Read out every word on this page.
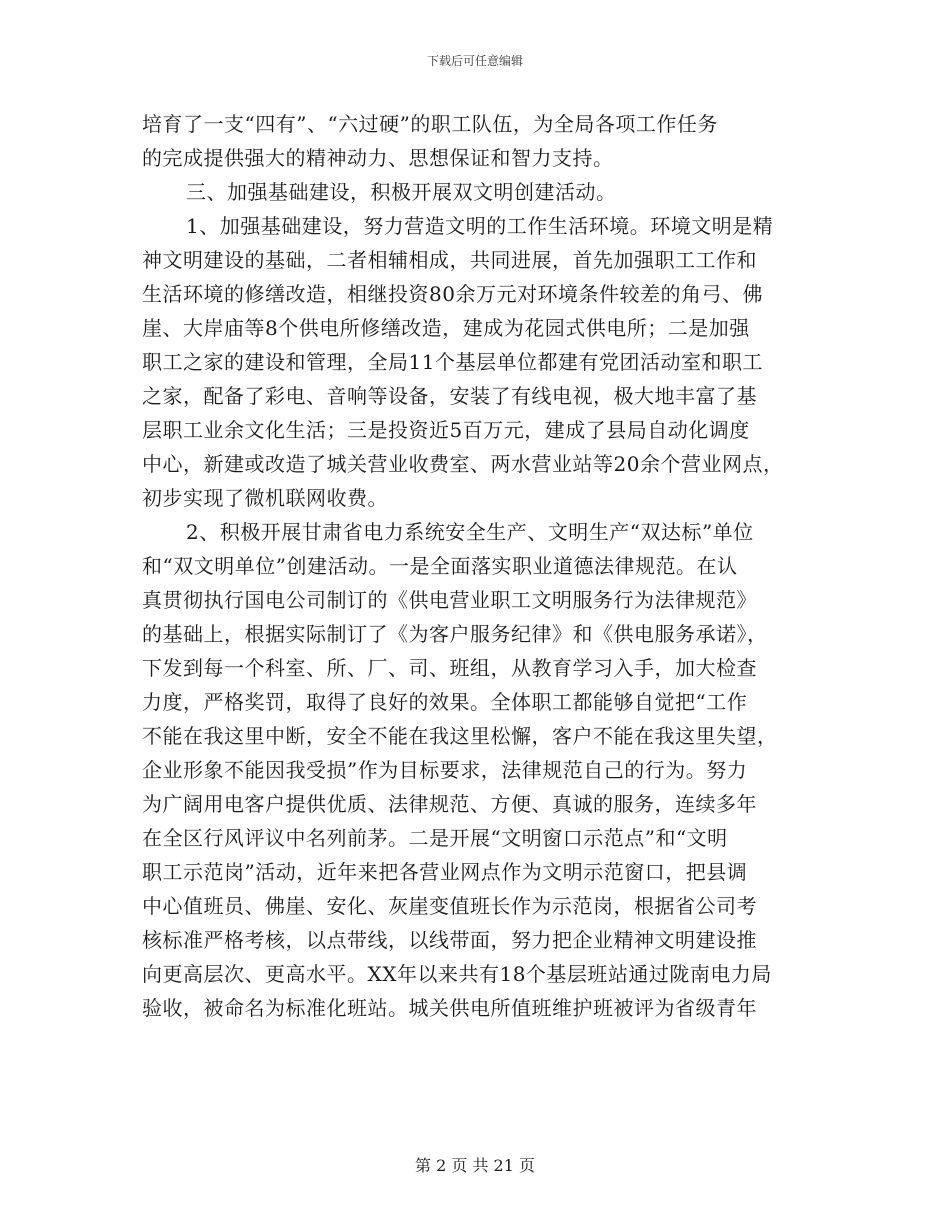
下载后可任意编辑
培育了一支“四有”、“六过硬”的职工队伍，为全局各项工作任务
的完成提供强大的精神动力、思想保证和智力支持。
三、加强基础建设，积极开展双文明创建活动。
1、加强基础建设，努力营造文明的工作生活环境。环境文明是精
神文明建设的基础，二者相辅相成，共同进展，首先加强职工工作和
生活环境的修缮改造，相继投资80余万元对环境条件较差的角弓、佛
崖、大岸庙等8个供电所修缮改造，建成为花园式供电所；二是加强
职工之家的建设和管理，全局11个基层单位都建有党团活动室和职工
之家，配备了彩电、音响等设备，安装了有线电视，极大地丰富了基
层职工业余文化生活；三是投资近5百万元，建成了县局自动化调度
中心，新建或改造了城关营业收费室、两水营业站等20余个营业网点，
初步实现了微机联网收费。
2、积极开展甘肃省电力系统安全生产、文明生产“双达标”单位
和“双文明单位”创建活动。一是全面落实职业道德法律规范。在认
真贯彻执行国电公司制订的《供电营业职工文明服务行为法律规范》
的基础上，根据实际制订了《为客户服务纪律》和《供电服务承诺》，
下发到每一个科室、所、厂、司、班组，从教育学习入手，加大检查
力度，严格奖罚，取得了良好的效果。全体职工都能够自觉把“工作
不能在我这里中断，安全不能在我这里松懈，客户不能在我这里失望，
企业形象不能因我受损”作为目标要求，法律规范自己的行为。努力
为广阔用电客户提供优质、法律规范、方便、真诚的服务，连续多年
在全区行风评议中名列前茅。二是开展“文明窗口示范点”和“文明
职工示范岗”活动，近年来把各营业网点作为文明示范窗口，把县调
中心值班员、佛崖、安化、灰崖变值班长作为示范岗，根据省公司考
核标准严格考核，以点带线，以线带面，努力把企业精神文明建设推
向更高层次、更高水平。XX年以来共有18个基层班站通过陇南电力局
验收，被命名为标准化班站。城关供电所值班维护班被评为省级青年
第 2 页 共 21 页
